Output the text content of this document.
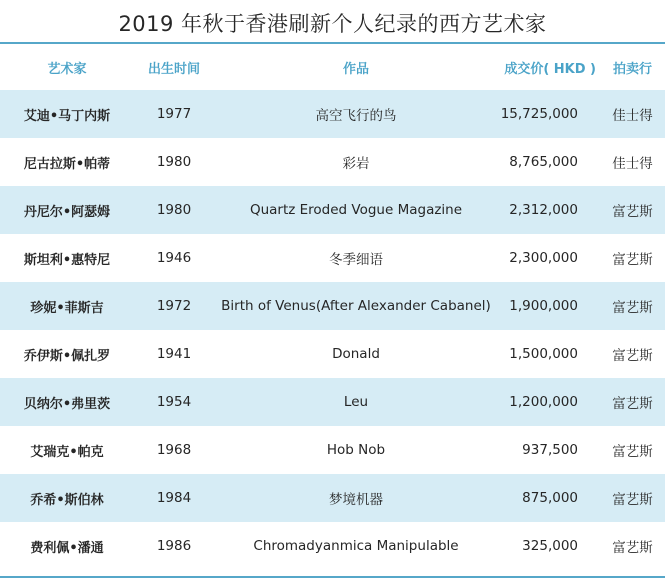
2019 年秋于香港刷新个人纪录的西方艺术家
艺术家	出生时间	作品	成交价( HKD )	拍卖行
艾迪•马丁内斯	1977	高空飞行的鸟	15,725,000	佳士得
尼古拉斯•帕蒂	1980	彩岩	8,765,000	佳士得
丹尼尔•阿瑟姆	1980	Quartz Eroded Vogue Magazine	2,312,000	富艺斯
斯坦利•惠特尼	1946	冬季细语	2,300,000	富艺斯
珍妮•菲斯吉	1972	Birth of Venus(After Alexander Cabanel)	1,900,000	富艺斯
乔伊斯•佩扎罗	1941	Donald	1,500,000	富艺斯
贝纳尔•弗里茨	1954	Leu	1,200,000	富艺斯
艾瑞克•帕克	1968	Hob Nob	937,500	富艺斯
乔希•斯伯林	1984	梦境机器	875,000	富艺斯
费利佩•潘通	1986	Chromadyanmica Manipulable	325,000	富艺斯
